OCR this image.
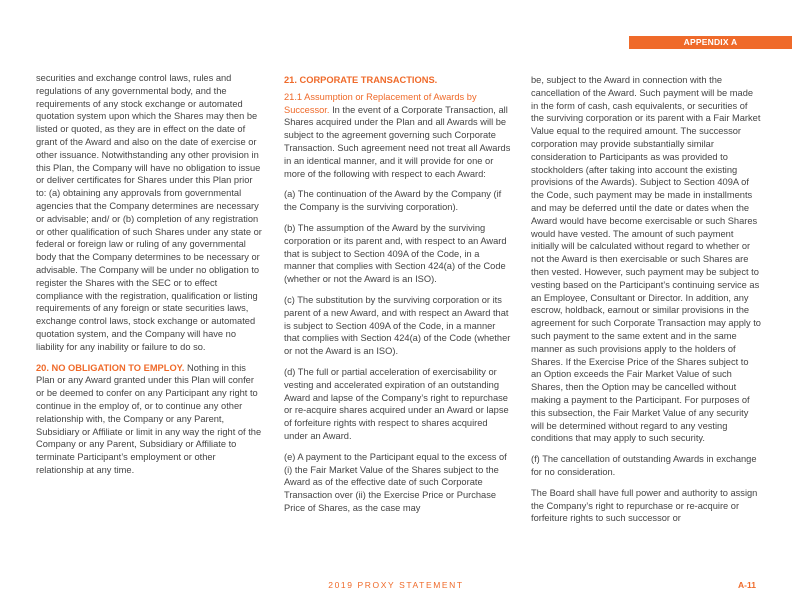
APPENDIX A

securities and exchange control laws, rules and regulations of any governmental body, and the requirements of any stock exchange or automated quotation system upon which the Shares may then be listed or quoted, as they are in effect on the date of grant of the Award and also on the date of exercise or other issuance. Notwithstanding any other provision in this Plan, the Company will have no obligation to issue or deliver certificates for Shares under this Plan prior to: (a) obtaining any approvals from governmental agencies that the Company determines are necessary or advisable; and/ or (b) completion of any registration or other qualification of such Shares under any state or federal or foreign law or ruling of any governmental body that the Company determines to be necessary or advisable. The Company will be under no obligation to register the Shares with the SEC or to effect compliance with the registration, qualification or listing requirements of any foreign or state securities laws, exchange control laws, stock exchange or automated quotation system, and the Company will have no liability for any inability or failure to do so.

20. NO OBLIGATION TO EMPLOY. Nothing in this Plan or any Award granted under this Plan will confer or be deemed to confer on any Participant any right to continue in the employ of, or to continue any other relationship with, the Company or any Parent, Subsidiary or Affiliate or limit in any way the right of the Company or any Parent, Subsidiary or Affiliate to terminate Participant’s employment or other relationship at any time.

21. CORPORATE TRANSACTIONS.

21.1 Assumption or Replacement of Awards by Successor. In the event of a Corporate Transaction, all Shares acquired under the Plan and all Awards will be subject to the agreement governing such Corporate Transaction. Such agreement need not treat all Awards in an identical manner, and it will provide for one or more of the following with respect to each Award:

(a) The continuation of the Award by the Company (if the Company is the surviving corporation).

(b) The assumption of the Award by the surviving corporation or its parent and, with respect to an Award that is subject to Section 409A of the Code, in a manner that complies with Section 424(a) of the Code (whether or not the Award is an ISO).

(c) The substitution by the surviving corporation or its parent of a new Award, and with respect an Award that is subject to Section 409A of the Code, in a manner that complies with Section 424(a) of the Code (whether or not the Award is an ISO).

(d) The full or partial acceleration of exercisability or vesting and accelerated expiration of an outstanding Award and lapse of the Company’s right to repurchase or re-acquire shares acquired under an Award or lapse of forfeiture rights with respect to shares acquired under an Award.

(e) A payment to the Participant equal to the excess of (i) the Fair Market Value of the Shares subject to the Award as of the effective date of such Corporate Transaction over (ii) the Exercise Price or Purchase Price of Shares, as the case may

be, subject to the Award in connection with the cancellation of the Award. Such payment will be made in the form of cash, cash equivalents, or securities of the surviving corporation or its parent with a Fair Market Value equal to the required amount. The successor corporation may provide substantially similar consideration to Participants as was provided to stockholders (after taking into account the existing provisions of the Awards). Subject to Section 409A of the Code, such payment may be made in installments and may be deferred until the date or dates when the Award would have become exercisable or such Shares would have vested. The amount of such payment initially will be calculated without regard to whether or not the Award is then exercisable or such Shares are then vested. However, such payment may be subject to vesting based on the Participant’s continuing service as an Employee, Consultant or Director. In addition, any escrow, holdback, earnout or similar provisions in the agreement for such Corporate Transaction may apply to such payment to the same extent and in the same manner as such provisions apply to the holders of Shares. If the Exercise Price of the Shares subject to an Option exceeds the Fair Market Value of such Shares, then the Option may be cancelled without making a payment to the Participant. For purposes of this subsection, the Fair Market Value of any security will be determined without regard to any vesting conditions that may apply to such security.

(f) The cancellation of outstanding Awards in exchange for no consideration.

The Board shall have full power and authority to assign the Company’s right to repurchase or re-acquire or forfeiture rights to such successor or

2019 PROXY STATEMENT	A-11
